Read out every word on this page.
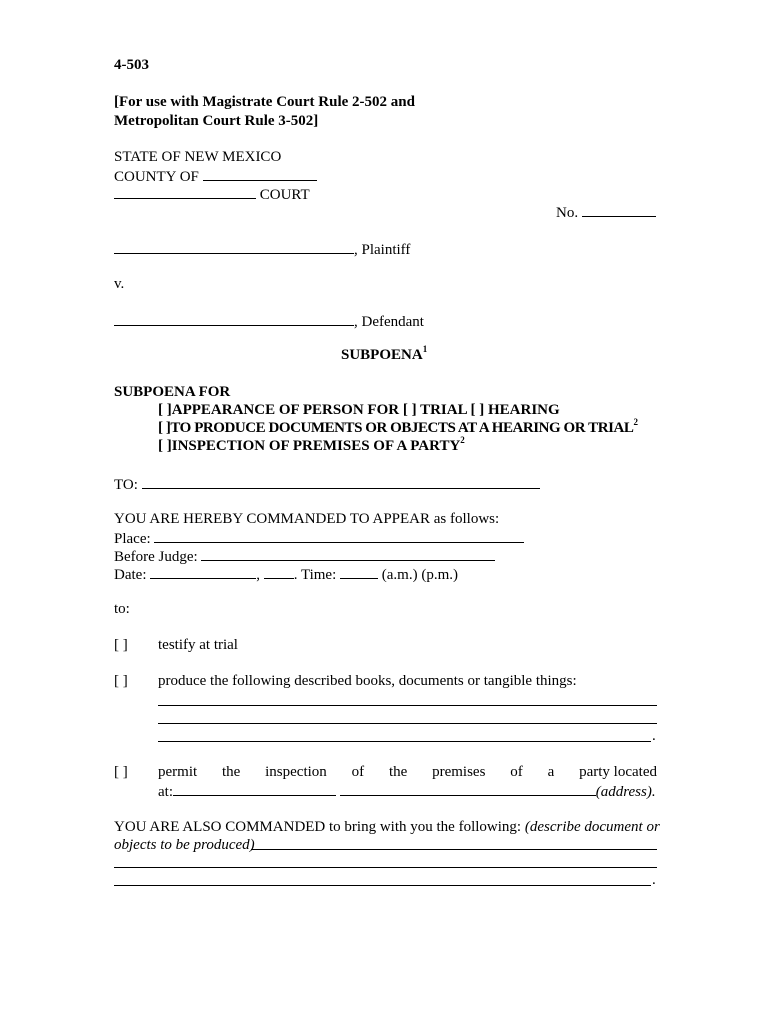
4-503
[For use with Magistrate Court Rule 2-502 and
Metropolitan Court Rule 3-502]
STATE OF NEW MEXICO
COUNTY OF
COURT
No.
, Plaintiff
v.
, Defendant
SUBPOENA$^1$
SUBPOENA FOR
[ ]APPEARANCE OF PERSON FOR [ ] TRIAL [ ] HEARING
[ ]TO PRODUCE DOCUMENTS OR OBJECTS AT A HEARING OR TRIAL$^2$
[ ]INSPECTION OF PREMISES OF A PARTY$^2$
TO:
YOU ARE HEREBY COMMANDED TO APPEAR as follows:
Place:
Before Judge:
Date:	, . Time:	(a.m.) (p.m.)
to:
[ ] testify at trial
[ ] produce the following described books, documents or tangible things:
.
[ ] permit the inspection of the premises of a party located
at:	(address).
YOU ARE ALSO COMMANDED to bring with you the following: (describe document or
objects to be produced)
.
